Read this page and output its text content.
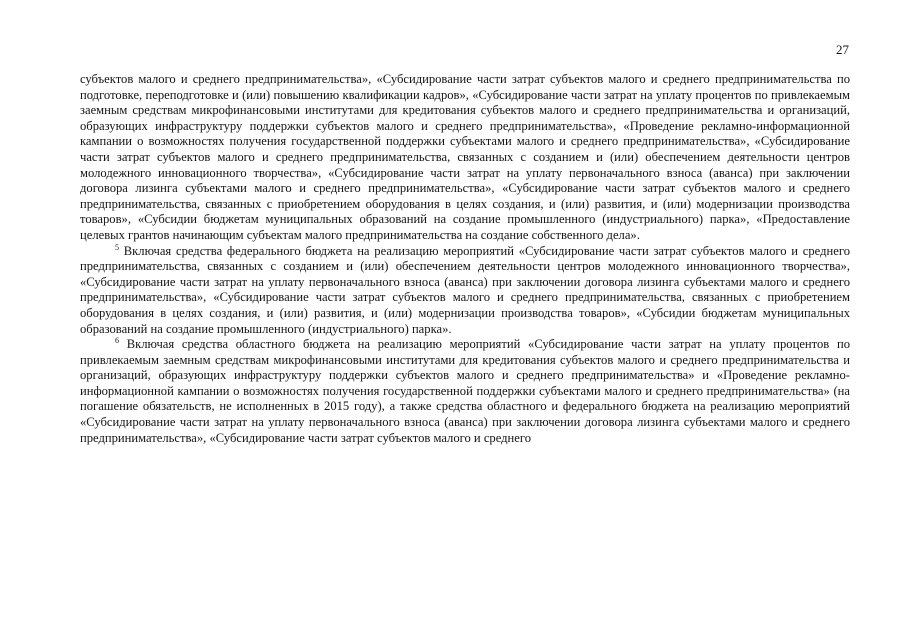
27

субъектов малого и среднего предпринимательства», «Субсидирование части затрат субъектов малого и среднего предпринимательства по подготовке, переподготовке и (или) повышению квалификации кадров», «Субсидирование части затрат на уплату процентов по привлекаемым заемным средствам микрофинансовыми институтами для кредитования субъектов малого и среднего предпринимательства и организаций, образующих инфраструктуру поддержки субъектов малого и среднего предпринимательства», «Проведение рекламно-информационной кампании о возможностях получения государственной поддержки субъектами малого и среднего предпринимательства», «Субсидирование части затрат субъектов малого и среднего предпринимательства, связанных с созданием и (или) обеспечением деятельности центров молодежного инновационного творчества», «Субсидирование части затрат на уплату первоначального взноса (аванса) при заключении договора лизинга субъектами малого и среднего предпринимательства», «Субсидирование части затрат субъектов малого и среднего предпринимательства, связанных с приобретением оборудования в целях создания, и (или) развития, и (или) модернизации производства товаров», «Субсидии бюджетам муниципальных образований на создание промышленного (индустриального) парка», «Предоставление целевых грантов начинающим субъектам малого предпринимательства на создание собственного дела».

$^5$ Включая средства федерального бюджета на реализацию мероприятий «Субсидирование части затрат субъектов малого и среднего предпринимательства, связанных с созданием и (или) обеспечением деятельности центров молодежного инновационного творчества», «Субсидирование части затрат на уплату первоначального взноса (аванса) при заключении договора лизинга субъектами малого и среднего предпринимательства», «Субсидирование части затрат субъектов малого и среднего предпринимательства, связанных с приобретением оборудования в целях создания, и (или) развития, и (или) модернизации производства товаров», «Субсидии бюджетам муниципальных образований на создание промышленного (индустриального) парка».

$^6$ Включая средства областного бюджета на реализацию мероприятий «Субсидирование части затрат на уплату процентов по привлекаемым заемным средствам микрофинансовыми институтами для кредитования субъектов малого и среднего предпринимательства и организаций, образующих инфраструктуру поддержки субъектов малого и среднего предпринимательства» и «Проведение рекламно-информационной кампании о возможностях получения государственной поддержки субъектами малого и среднего предпринимательства» (на погашение обязательств, не исполненных в 2015 году), а также средства областного и федерального бюджета на реализацию мероприятий «Субсидирование части затрат на уплату первоначального взноса (аванса) при заключении договора лизинга субъектами малого и среднего предпринимательства», «Субсидирование части затрат субъектов малого и среднего
